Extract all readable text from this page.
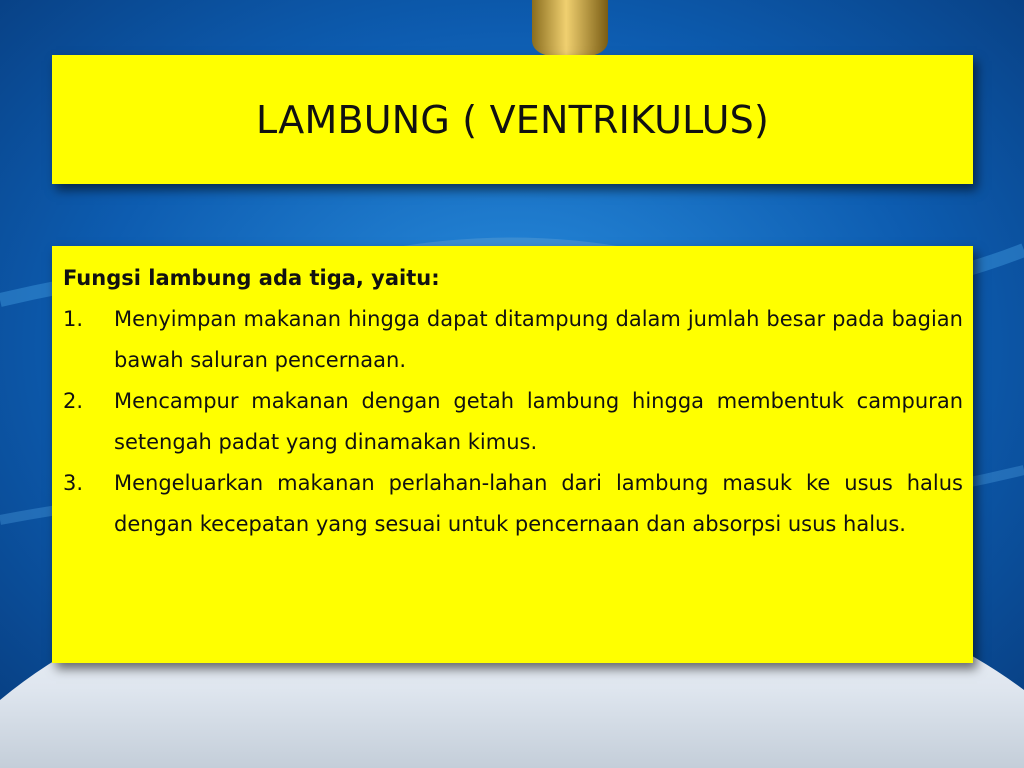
LAMBUNG ( VENTRIKULUS)
Fungsi lambung ada tiga, yaitu:
1.	Menyimpan makanan hingga dapat ditampung dalam jumlah besar pada bagian bawah saluran pencernaan.
2.	Mencampur makanan dengan getah lambung hingga membentuk campuran setengah padat yang dinamakan kimus.
3.	Mengeluarkan makanan perlahan-lahan dari lambung masuk ke usus halus dengan kecepatan yang sesuai untuk pencernaan dan absorpsi usus halus.
